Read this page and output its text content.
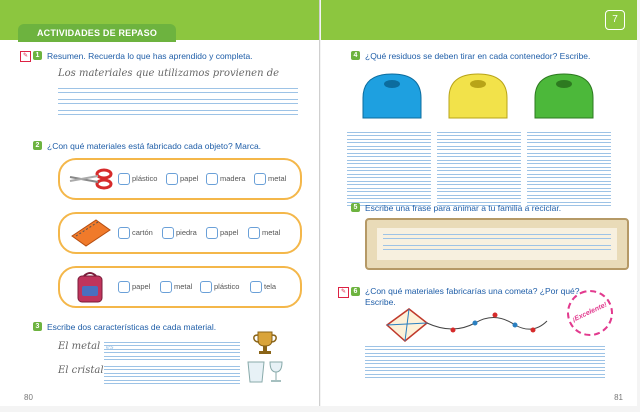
ACTIVIDADES DE REPASO
✎	1 Resumen. Recuerda lo que has aprendido y completa.
Los materiales que utilizamos provienen de
2 ¿Con qué materiales está fabricado cada objeto? Marca.
plástico	papel	madera	metal
cartón	piedra	papel	metal
papel	metal	plástico	tela
3 Escribe dos características de cada material.
El metal es
El cristal
80
7
4 ¿Qué residuos se deben tirar en cada contenedor? Escribe.
5 Escribe una frase para animar a tu familia a reciclar.
✎	6 ¿Con qué materiales fabricarías una cometa? ¿Por qué?
Escribe.	¡Excelente!
81
